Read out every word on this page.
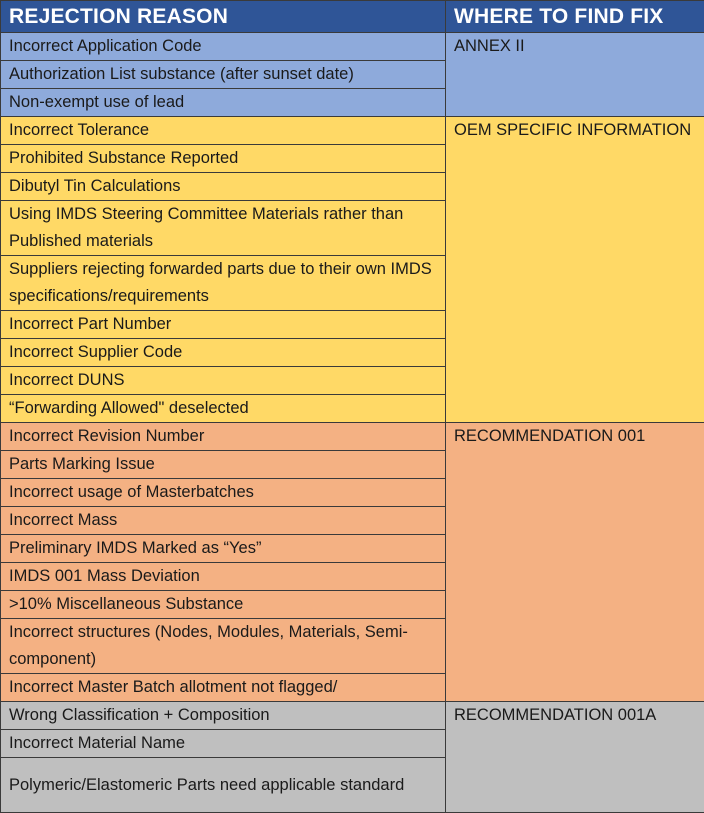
REJECTION REASON	WHERE TO FIND FIX
Incorrect Application Code	ANNEX II
Authorization List substance (after sunset date)	
Non-exempt use of lead	
Incorrect Tolerance	OEM SPECIFIC INFORMATION
Prohibited Substance Reported	
Dibutyl Tin Calculations	
Using IMDS Steering Committee Materials rather than Published materials	
Suppliers rejecting forwarded parts due to their own IMDS specifications/requirements	
Incorrect Part Number	
Incorrect Supplier Code	
Incorrect DUNS	
“Forwarding Allowed" deselected	
Incorrect Revision Number	RECOMMENDATION 001
Parts Marking Issue	
Incorrect usage of Masterbatches	
Incorrect Mass	
Preliminary IMDS Marked as “Yes”	
IMDS 001 Mass Deviation	
>10% Miscellaneous Substance	
Incorrect structures (Nodes, Modules, Materials, Semi-component)	
Incorrect Master Batch allotment not flagged/	
Wrong Classification + Composition	RECOMMENDATION 001A
Incorrect Material Name	
Polymeric/Elastomeric Parts need applicable standard	
